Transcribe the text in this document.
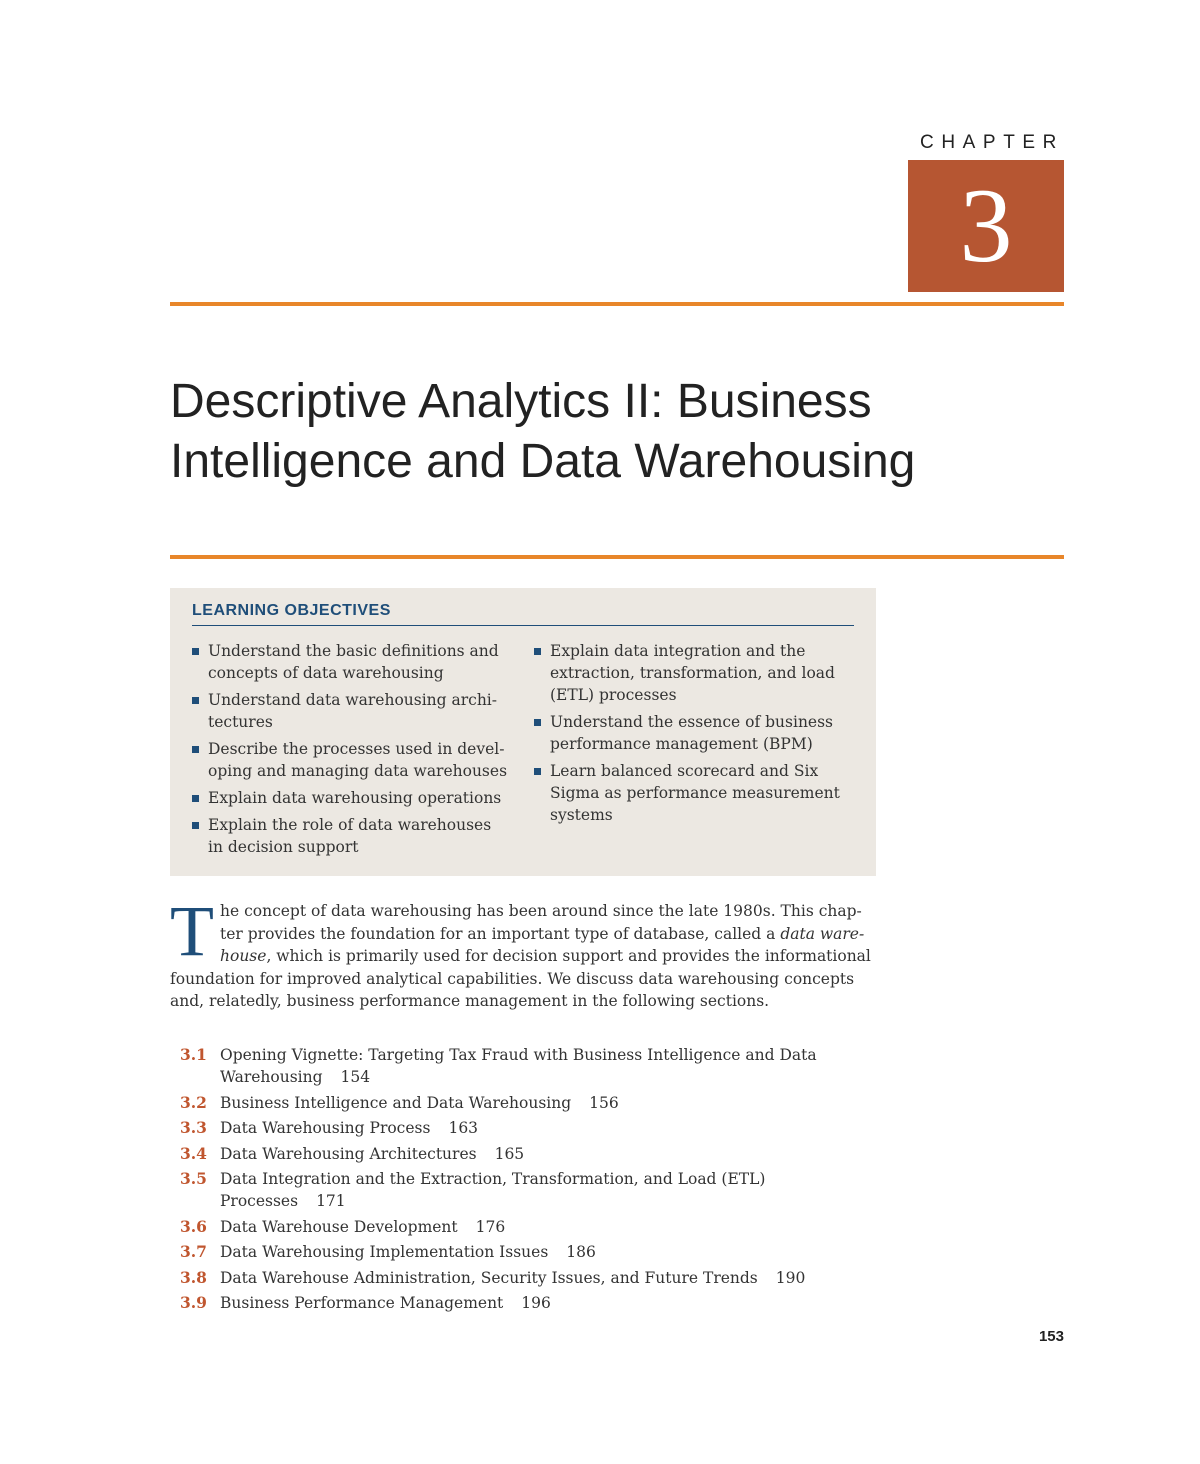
CHAPTER
3
Descriptive Analytics II: Business
Intelligence and Data Warehousing
LEARNING OBJECTIVES
Understand the basic definitions and
concepts of data warehousing
Understand data warehousing archi-
tectures
Describe the processes used in devel-
oping and managing data warehouses
Explain data warehousing operations
Explain the role of data warehouses
in decision support
Explain data integration and the
extraction, transformation, and load
(ETL) processes
Understand the essence of business
performance management (BPM)
Learn balanced scorecard and Six
Sigma as performance measurement
systems
T he concept of data warehousing has been around since the late 1980s. This chap-
ter provides the foundation for an important type of database, called a data ware-
house, which is primarily used for decision support and provides the informational
foundation for improved analytical capabilities. We discuss data warehousing concepts
and, relatedly, business performance management in the following sections.
3.1 Opening Vignette: Targeting Tax Fraud with Business Intelligence and Data
Warehousing 154
3.2 Business Intelligence and Data Warehousing 156
3.3 Data Warehousing Process 163
3.4 Data Warehousing Architectures 165
3.5 Data Integration and the Extraction, Transformation, and Load (ETL)
Processes 171
3.6 Data Warehouse Development 176
3.7 Data Warehousing Implementation Issues 186
3.8 Data Warehouse Administration, Security Issues, and Future Trends 190
3.9 Business Performance Management 196
153
